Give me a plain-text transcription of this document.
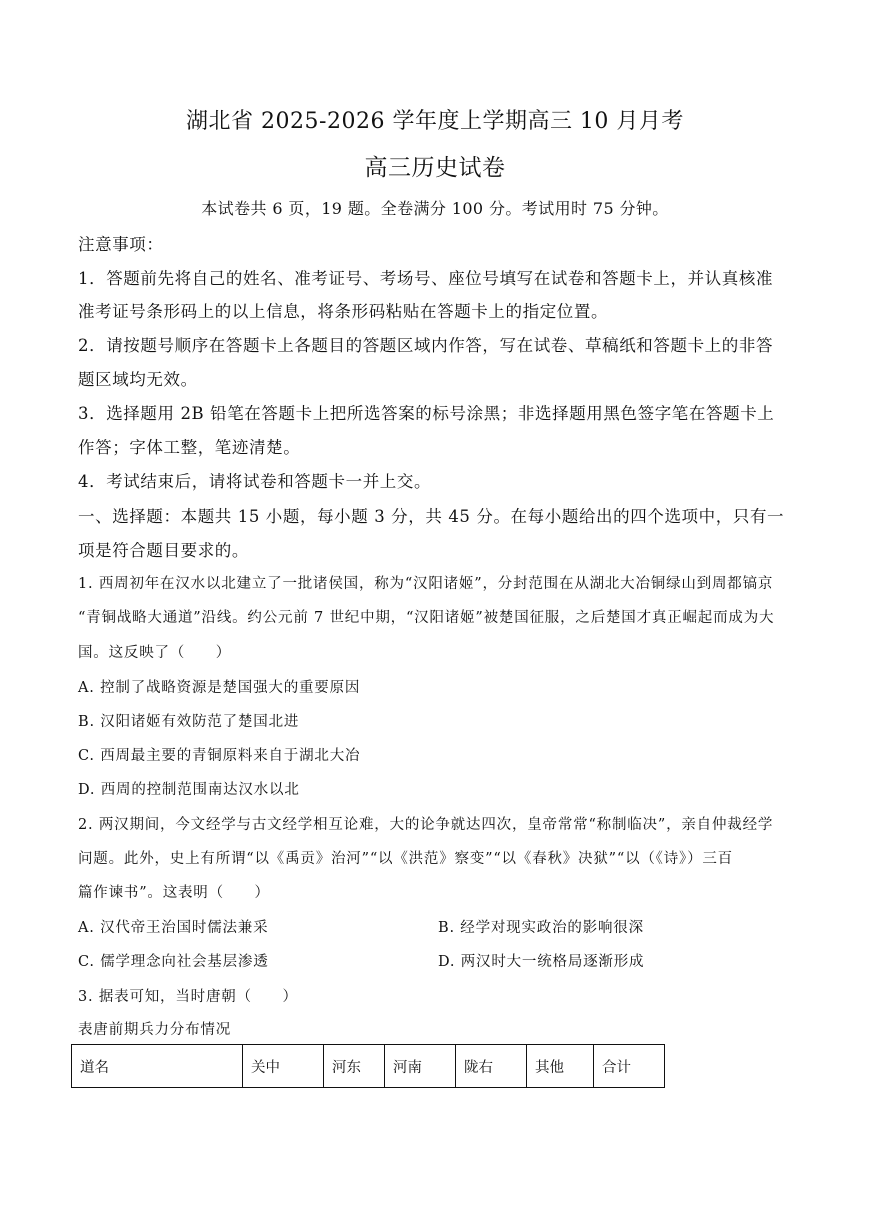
湖北省 2025-2026 学年度上学期高三 10 月月考
高三历史试卷
本试卷共 6 页，19 题。全卷满分 100 分。考试用时 75 分钟。
注意事项：
1．答题前先将自己的姓名、准考证号、考场号、座位号填写在试卷和答题卡上，并认真核准
准考证号条形码上的以上信息，将条形码粘贴在答题卡上的指定位置。
2．请按题号顺序在答题卡上各题目的答题区域内作答，写在试卷、草稿纸和答题卡上的非答
题区域均无效。
3．选择题用 2B 铅笔在答题卡上把所选答案的标号涂黑；非选择题用黑色签字笔在答题卡上
作答；字体工整，笔迹清楚。
4．考试结束后，请将试卷和答题卡一并上交。
一、选择题：本题共 15 小题，每小题 3 分，共 45 分。在每小题给出的四个选项中，只有一
项是符合题目要求的。
1. 西周初年在汉水以北建立了一批诸侯国，称为“汉阳诸姬”，分封范围在从湖北大冶铜绿山到周都镐京
“青铜战略大通道”沿线。约公元前 7 世纪中期，“汉阳诸姬”被楚国征服，之后楚国才真正崛起而成为大
国。这反映了（　　）
A. 控制了战略资源是楚国强大的重要原因
B. 汉阳诸姬有效防范了楚国北进
C. 西周最主要的青铜原料来自于湖北大冶
D. 西周的控制范围南达汉水以北
2. 两汉期间，今文经学与古文经学相互论难，大的论争就达四次，皇帝常常“称制临决”，亲自仲裁经学
问题。此外，史上有所谓“以《禹贡》治河”“以《洪范》察变”“以《春秋》决狱”“以（《诗》）三百
篇作谏书”。这表明（　　）
A. 汉代帝王治国时儒法兼采	B. 经学对现实政治的影响很深
C. 儒学理念向社会基层渗透	D. 两汉时大一统格局逐渐形成
3. 据表可知，当时唐朝（　　）
表唐前期兵力分布情况
道名	关中	河东	河南	陇右	其他	合计
